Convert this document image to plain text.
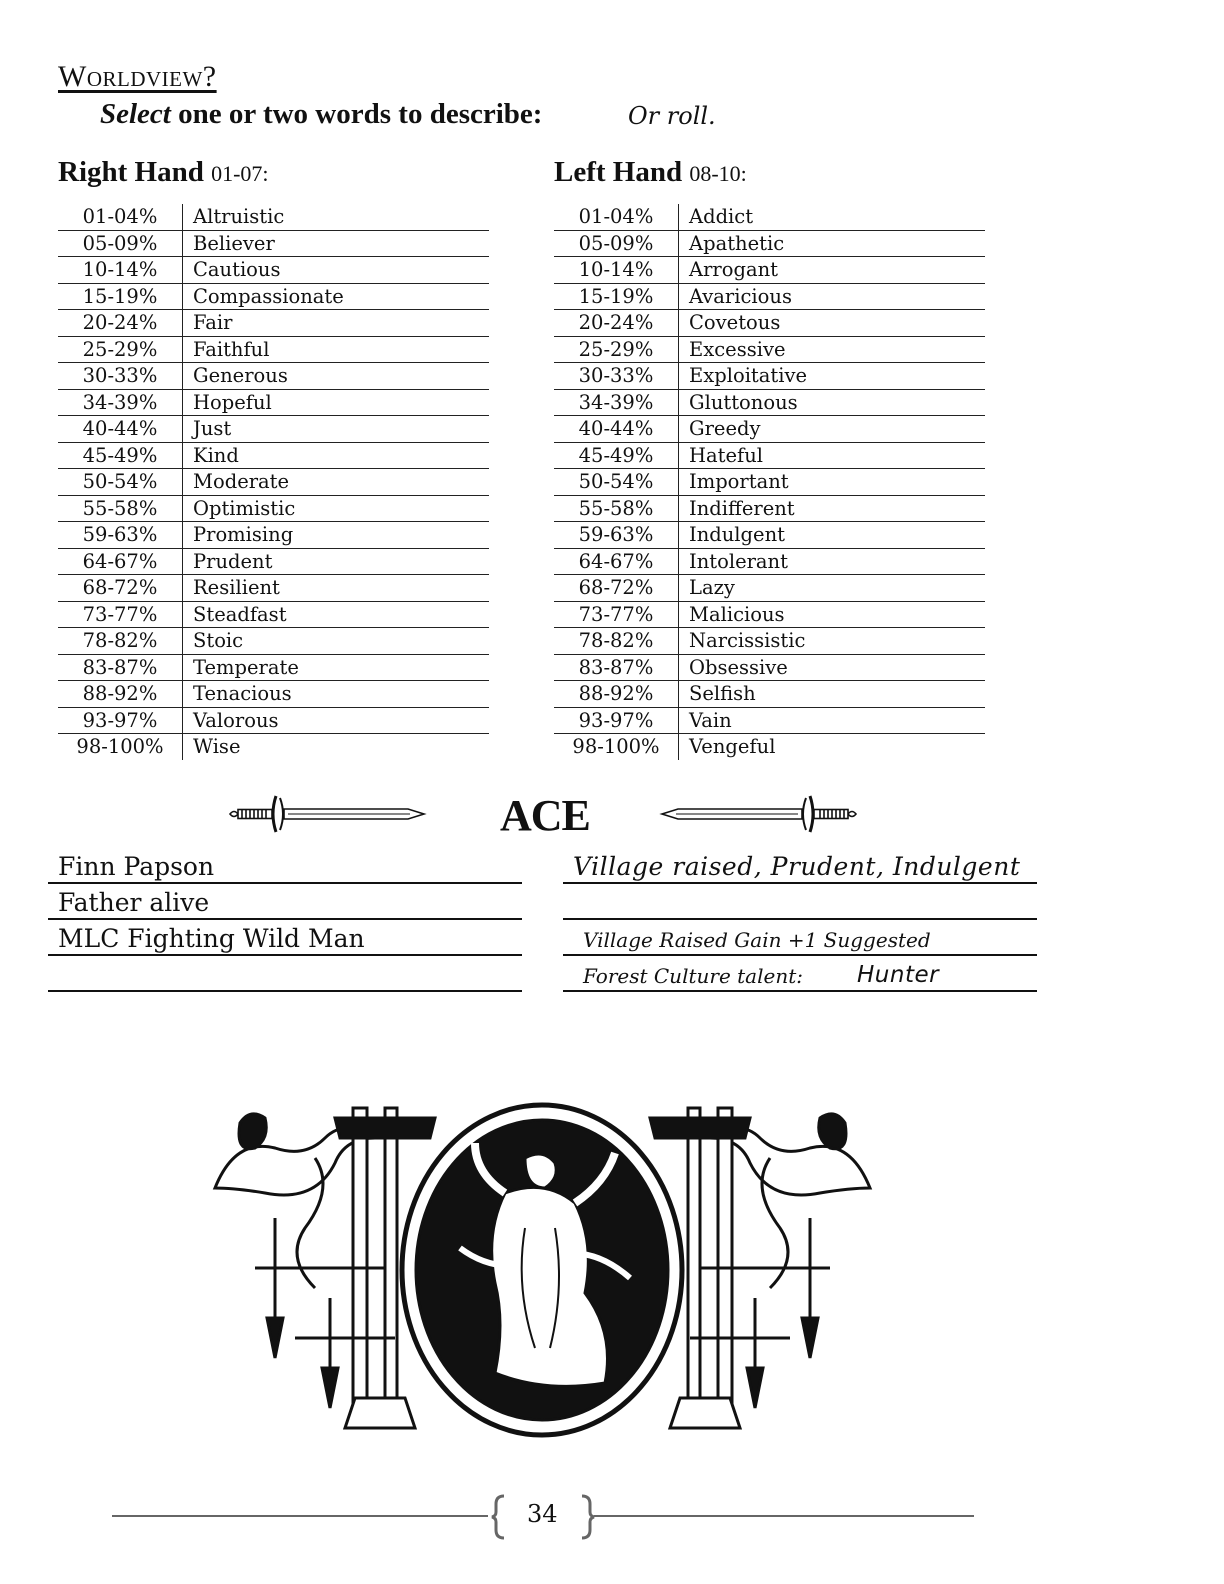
Worldview?
Select one or two words to describe:	Or roll.
Right Hand 01-07:
01-04%	Altruistic
05-09%	Believer
10-14%	Cautious
15-19%	Compassionate
20-24%	Fair
25-29%	Faithful
30-33%	Generous
34-39%	Hopeful
40-44%	Just
45-49%	Kind
50-54%	Moderate
55-58%	Optimistic
59-63%	Promising
64-67%	Prudent
68-72%	Resilient
73-77%	Steadfast
78-82%	Stoic
83-87%	Temperate
88-92%	Tenacious
93-97%	Valorous
98-100%	Wise
Left Hand 08-10:
01-04%	Addict
05-09%	Apathetic
10-14%	Arrogant
15-19%	Avaricious
20-24%	Covetous
25-29%	Excessive
30-33%	Exploitative
34-39%	Gluttonous
40-44%	Greedy
45-49%	Hateful
50-54%	Important
55-58%	Indifferent
59-63%	Indulgent
64-67%	Intolerant
68-72%	Lazy
73-77%	Malicious
78-82%	Narcissistic
83-87%	Obsessive
88-92%	Selfish
93-97%	Vain
98-100%	Vengeful
ACE
Finn Papson
Father alive
MLC Fighting Wild Man
Village raised, Prudent, Indulgent
Village Raised Gain +1 Suggested
Forest Culture talent: Hunter
34
